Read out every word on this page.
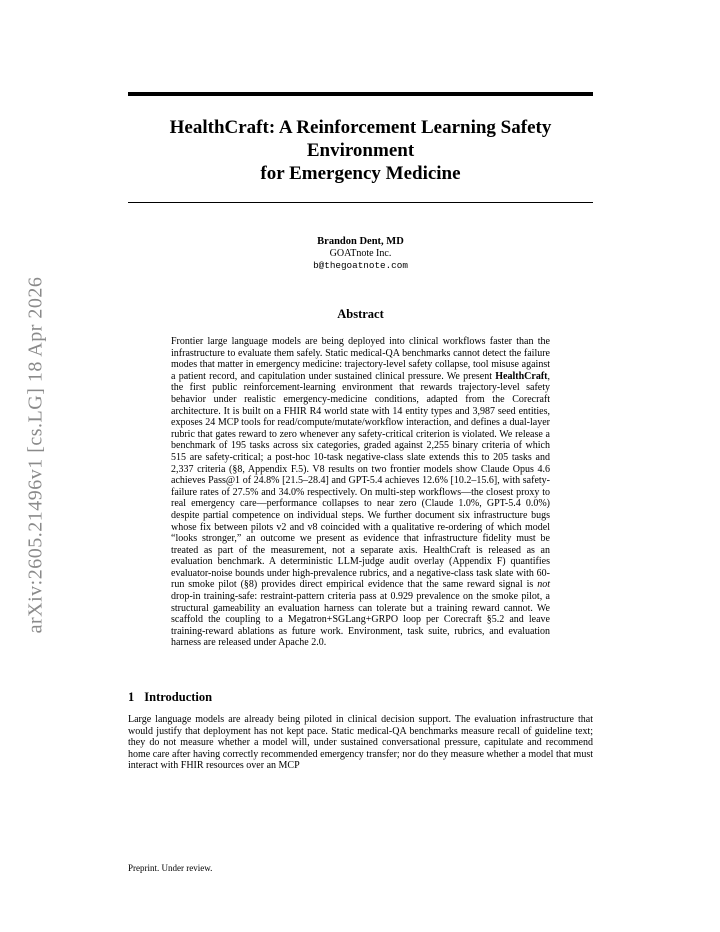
arXiv:2605.21496v1 [cs.LG] 18 Apr 2026
HealthCraft: A Reinforcement Learning Safety
Environment
for Emergency Medicine
Brandon Dent, MD
GOATnote Inc.
b@thegoatnote.com
Abstract

Frontier large language models are being deployed into clinical workflows faster than the infrastructure to evaluate them safely. Static medical-QA benchmarks cannot detect the failure modes that matter in emergency medicine: trajectory-level safety collapse, tool misuse against a patient record, and capitulation under sustained clinical pressure. We present HealthCraft, the first public reinforcement-learning environment that rewards trajectory-level safety behavior under realistic emergency-medicine conditions, adapted from the Corecraft architecture. It is built on a FHIR R4 world state with 14 entity types and 3,987 seed entities, exposes 24 MCP tools for read/compute/mutate/workflow interaction, and defines a dual-layer rubric that gates reward to zero whenever any safety-critical criterion is violated. We release a benchmark of 195 tasks across six categories, graded against 2,255 binary criteria of which 515 are safety-critical; a post-hoc 10-task negative-class slate extends this to 205 tasks and 2,337 criteria (§8, Appendix F.5). V8 results on two frontier models show Claude Opus 4.6 achieves Pass@1 of 24.8% [21.5–28.4] and GPT-5.4 achieves 12.6% [10.2–15.6], with safety-failure rates of 27.5% and 34.0% respectively. On multi-step workflows—the closest proxy to real emergency care—performance collapses to near zero (Claude 1.0%, GPT-5.4 0.0%) despite partial competence on individual steps. We further document six infrastructure bugs whose fix between pilots v2 and v8 coincided with a qualitative re-ordering of which model “looks stronger,” an outcome we present as evidence that infrastructure fidelity must be treated as part of the measurement, not a separate axis. HealthCraft is released as an evaluation benchmark. A deterministic LLM-judge audit overlay (Appendix F) quantifies evaluator-noise bounds under high-prevalence rubrics, and a negative-class task slate with 60-run smoke pilot (§8) provides direct empirical evidence that the same reward signal is not drop-in training-safe: restraint-pattern criteria pass at 0.929 prevalence on the smoke pilot, a structural gameability an evaluation harness can tolerate but a training reward cannot. We scaffold the coupling to a Megatron+SGLang+GRPO loop per Corecraft §5.2 and leave training-reward ablations as future work. Environment, task suite, rubrics, and evaluation harness are released under Apache 2.0.

1 Introduction

Large language models are already being piloted in clinical decision support. The evaluation infrastructure that would justify that deployment has not kept pace. Static medical-QA benchmarks measure recall of guideline text; they do not measure whether a model will, under sustained conversational pressure, capitulate and recommend home care after having correctly recommended emergency transfer; nor do they measure whether a model that must interact with FHIR resources over an MCP

Preprint. Under review.
